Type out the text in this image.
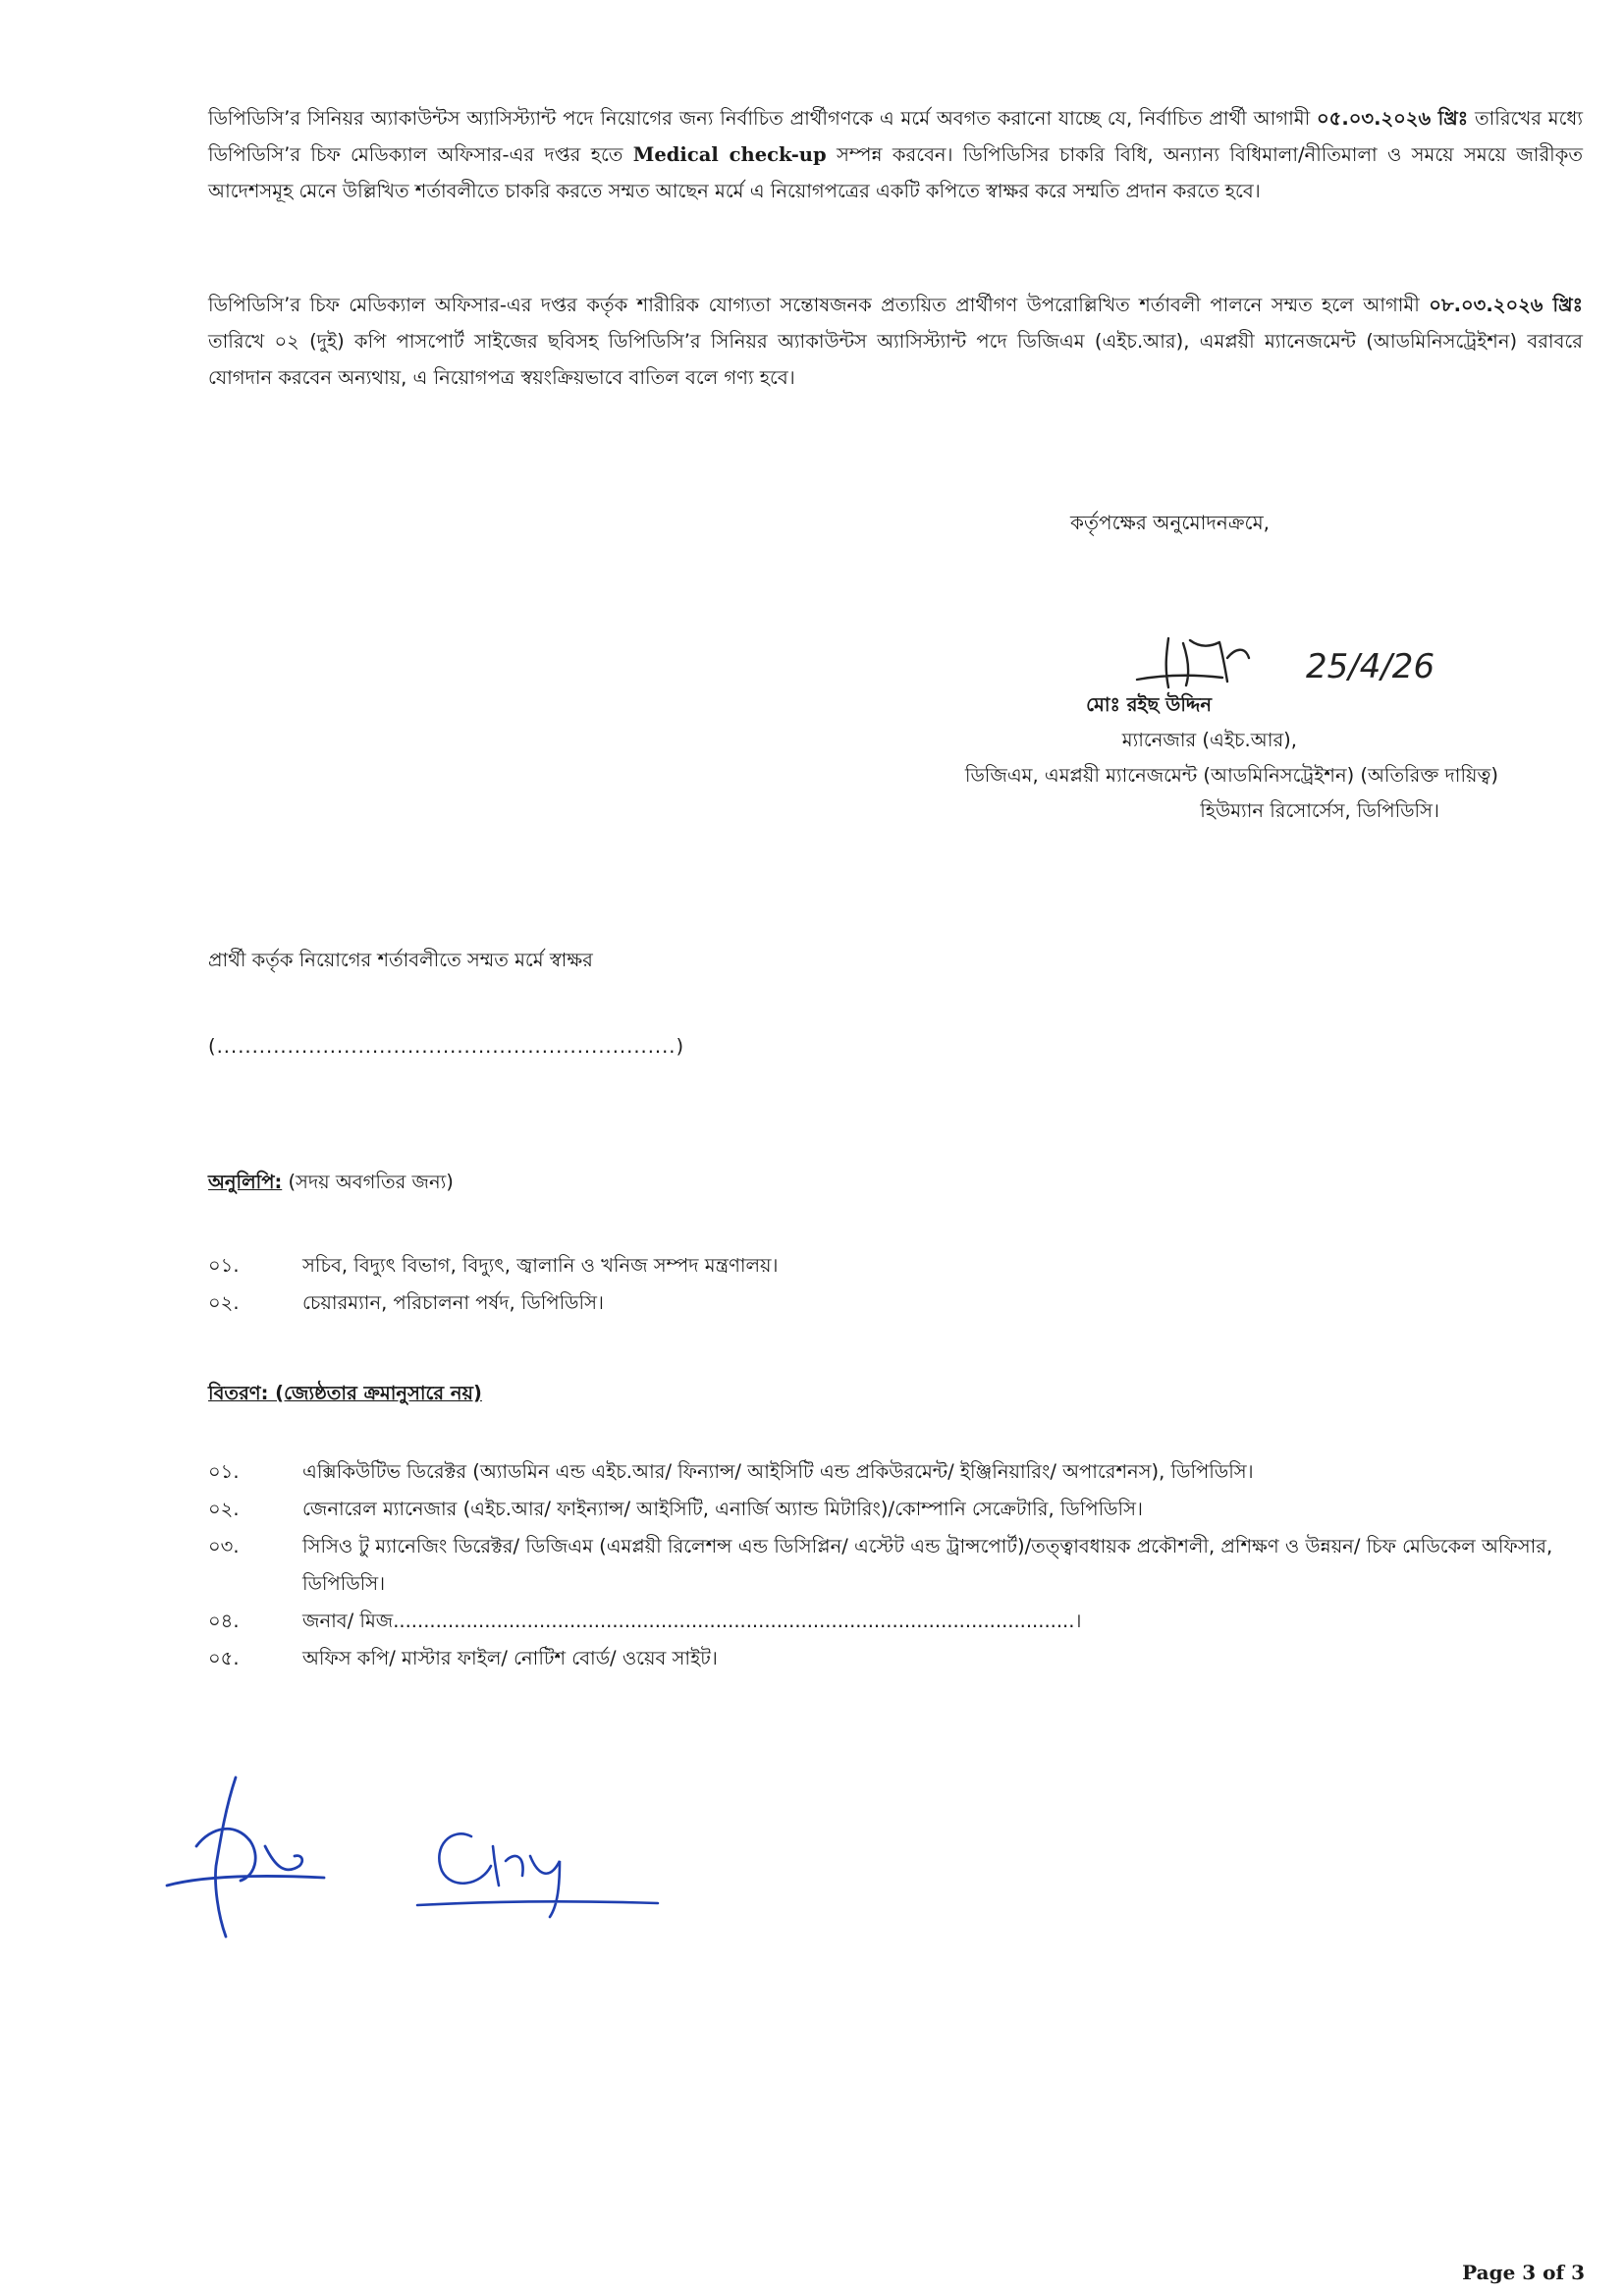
ডিপিডিসি’র সিনিয়র অ্যাকাউন্টস অ্যাসিস্ট্যান্ট পদে নিয়োগের জন্য নির্বাচিত প্রার্থীগণকে এ মর্মে অবগত করানো যাচ্ছে যে, নির্বাচিত প্রার্থী আগামী ০৫.০৩.২০২৬ খ্রিঃ তারিখের মধ্যে ডিপিডিসি’র চিফ মেডিক্যাল অফিসার-এর দপ্তর হতে Medical check-up সম্পন্ন করবেন। ডিপিডিসির চাকরি বিধি, অন্যান্য বিধিমালা/নীতিমালা ও সময়ে সময়ে জারীকৃত আদেশসমূহ মেনে উল্লিখিত শর্তাবলীতে চাকরি করতে সম্মত আছেন মর্মে এ নিয়োগপত্রের একটি কপিতে স্বাক্ষর করে সম্মতি প্রদান করতে হবে।
ডিপিডিসি’র চিফ মেডিক্যাল অফিসার-এর দপ্তর কর্তৃক শারীরিক যোগ্যতা সন্তোষজনক প্রত্যয়িত প্রার্থীগণ উপরোল্লিখিত শর্তাবলী পালনে সম্মত হলে আগামী ০৮.০৩.২০২৬ খ্রিঃ তারিখে ০২ (দুই) কপি পাসপোর্ট সাইজের ছবিসহ ডিপিডিসি’র সিনিয়র অ্যাকাউন্টস অ্যাসিস্ট্যান্ট পদে ডিজিএম (এইচ.আর), এমপ্লয়ী ম্যানেজমেন্ট (আডমিনিসট্রেইশন) বরাবরে যোগদান করবেন অন্যথায়, এ নিয়োগপত্র স্বয়ংক্রিয়ভাবে বাতিল বলে গণ্য হবে।
কর্তৃপক্ষের অনুমোদনক্রমে,
25/4/26
মোঃ রইছ উদ্দিন
ম্যানেজার (এইচ.আর),
ডিজিএম, এমপ্লয়ী ম্যানেজমেন্ট (আডমিনিসট্রেইশন) (অতিরিক্ত দায়িত্ব)
হিউম্যান রিসোর্সেস, ডিপিডিসি।
প্রার্থী কর্তৃক নিয়োগের শর্তাবলীতে সম্মত মর্মে স্বাক্ষর
(.................................................................)
অনুলিপি: (সদয় অবগতির জন্য)
০১.	সচিব, বিদ্যুৎ বিভাগ, বিদ্যুৎ, জ্বালানি ও খনিজ সম্পদ মন্ত্রণালয়।
০২.	চেয়ারম্যান, পরিচালনা পর্ষদ, ডিপিডিসি।
বিতরণ: (জ্যেষ্ঠতার ক্রমানুসারে নয়)
০১.	এক্সিকিউটিভ ডিরেক্টর (অ্যাডমিন এন্ড এইচ.আর/ ফিন্যান্স/ আইসিটি এন্ড প্রকিউরমেন্ট/ ইঞ্জিনিয়ারিং/ অপারেশনস), ডিপিডিসি।
০২.	জেনারেল ম্যানেজার (এইচ.আর/ ফাইন্যান্স/ আইসিটি, এনার্জি অ্যান্ড মিটারিং)/কোম্পানি সেক্রেটারি, ডিপিডিসি।
০৩.	সিসিও টু ম্যানেজিং ডিরেক্টর/ ডিজিএম (এমপ্লয়ী রিলেশন্স এন্ড ডিসিপ্লিন/ এস্টেট এন্ড ট্রান্সপোর্ট)/তত্ত্বাবধায়ক প্রকৌশলী, প্রশিক্ষণ ও উন্নয়ন/ চিফ মেডিকেল অফিসার, ডিপিডিসি।
০৪.	জনাব/ মিজ................................................................................................................।
০৫.	অফিস কপি/ মাস্টার ফাইল/ নোটিশ বোর্ড/ ওয়েব সাইট।
Page 3 of 3
